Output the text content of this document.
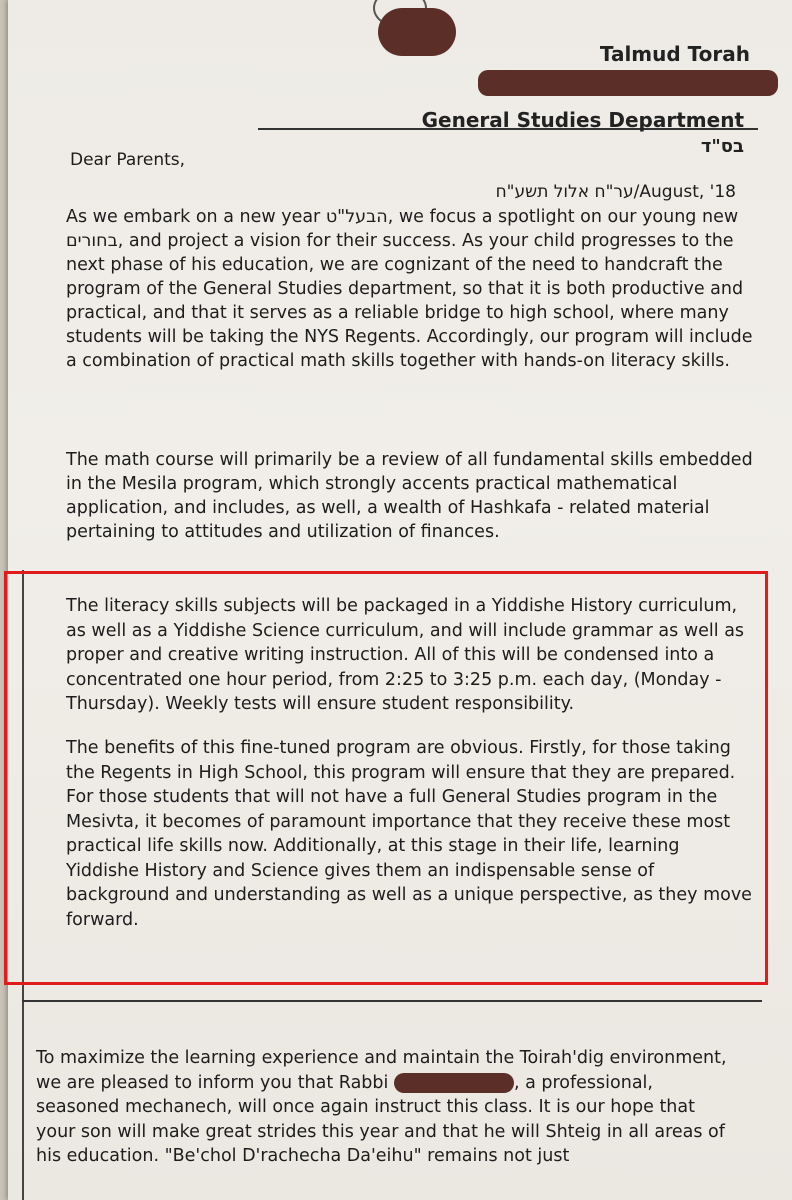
Talmud Torah
General Studies Department
בס"ד
Dear Parents,
ער"ח אלול תשע"ח/August, '18
As we embark on a new year הבעל"ט, we focus a spotlight on our young new בחורים, and project a vision for their success. As your child progresses to the next phase of his education, we are cognizant of the need to handcraft the program of the General Studies department, so that it is both productive and practical, and that it serves as a reliable bridge to high school, where many students will be taking the NYS Regents. Accordingly, our program will include a combination of practical math skills together with hands-on literacy skills.
The math course will primarily be a review of all fundamental skills embedded in the Mesila program, which strongly accents practical mathematical application, and includes, as well, a wealth of Hashkafa - related material pertaining to attitudes and utilization of finances.
The literacy skills subjects will be packaged in a Yiddishe History curriculum, as well as a Yiddishe Science curriculum, and will include grammar as well as proper and creative writing instruction. All of this will be condensed into a concentrated one hour period, from 2:25 to 3:25 p.m. each day, (Monday - Thursday). Weekly tests will ensure student responsibility.
The benefits of this fine-tuned program are obvious. Firstly, for those taking the Regents in High School, this program will ensure that they are prepared. For those students that will not have a full General Studies program in the Mesivta, it becomes of paramount importance that they receive these most practical life skills now. Additionally, at this stage in their life, learning Yiddishe History and Science gives them an indispensable sense of background and understanding as well as a unique perspective, as they move forward.
To maximize the learning experience and maintain the Toirah'dig environment, we are pleased to inform you that Rabbi	, a professional, seasoned mechanech, will once again instruct this class. It is our hope that your son will make great strides this year and that he will Shteig in all areas of his education. "Be'chol D'rachecha Da'eihu" remains not just
